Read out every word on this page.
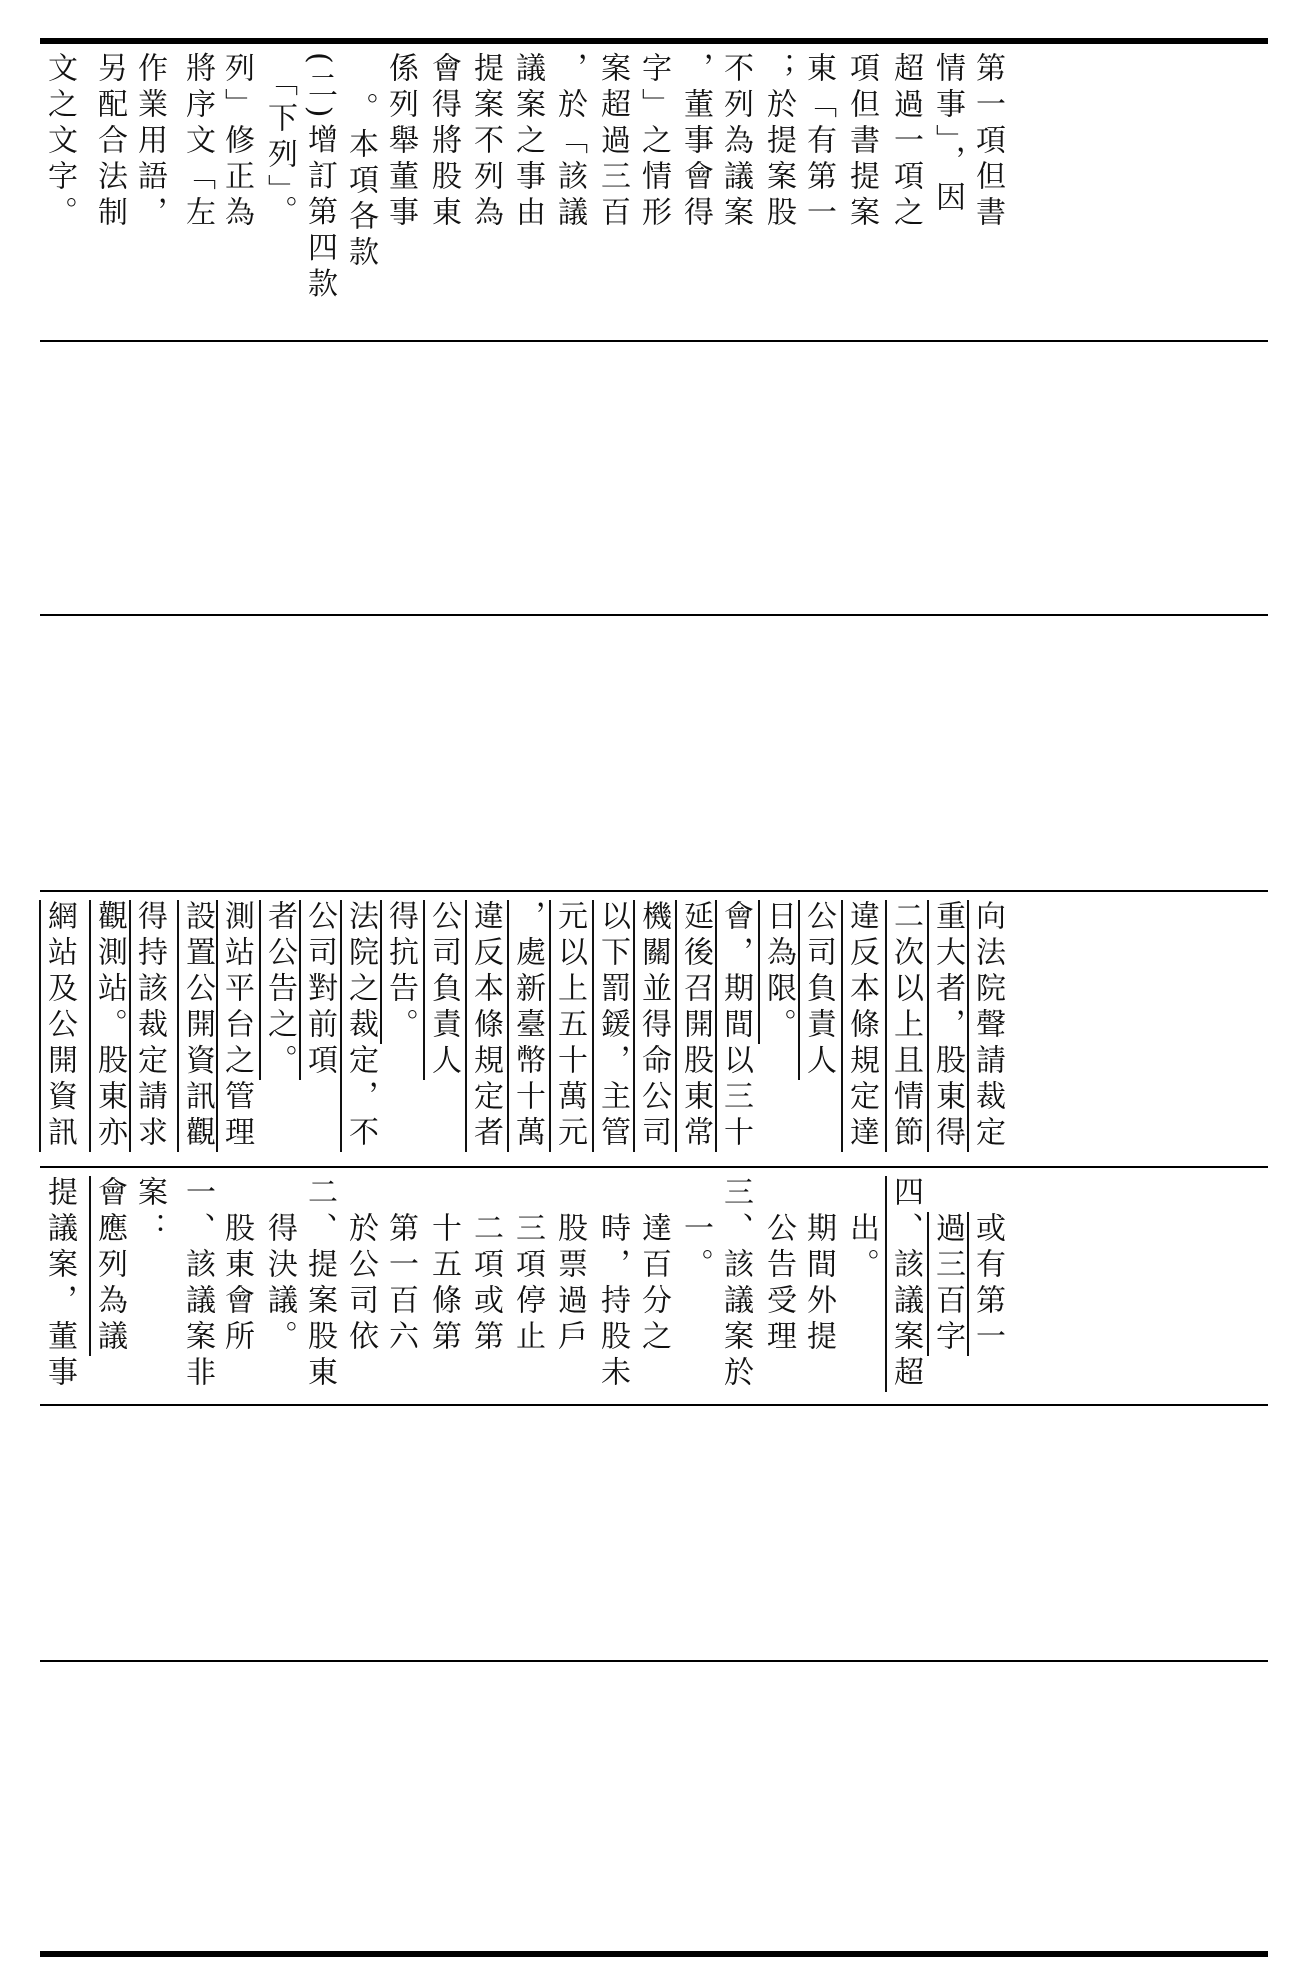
文之文字。 另配合法制 作業用語， 將序文「左 列」修正為 「下列」。 (二)增訂第四款 。本項各款 係列舉董事 會得將股東 提案不列為 議案之事由 ，於「該議 案超過三百 字」之情形 ，董事會得 不列為議案 ；於提案股 東「有第一 項但書提案 超過一項之 情事」，因 第一項但書
網站及公開資訊 觀測站。股東亦 得持該裁定請求 設置公開資訊觀 測站平台之管理 者公告之。 公司對前項 法院之裁定，不 得抗告。 公司負責人 違反本條規定者 ，處新臺幣十萬 元以上五十萬元 以下罰鍰，主管 機關並得命公司 延後召開股東常 會，期間以三十 日為限。 公司負責人 違反本條規定達 二次以上且情節 重大者，股東得 向法院聲請裁定
提議案，董事 會應列為議 案： 一、該議案非 股東會所 得決議。 二、提案股東 於公司依 第一百六 十五條第 二項或第 三項停止 股票過戶 時，持股未 達百分之 一。 三、該議案於 公告受理 期間外提 出。 四、該議案超 過三百字 或有第一
